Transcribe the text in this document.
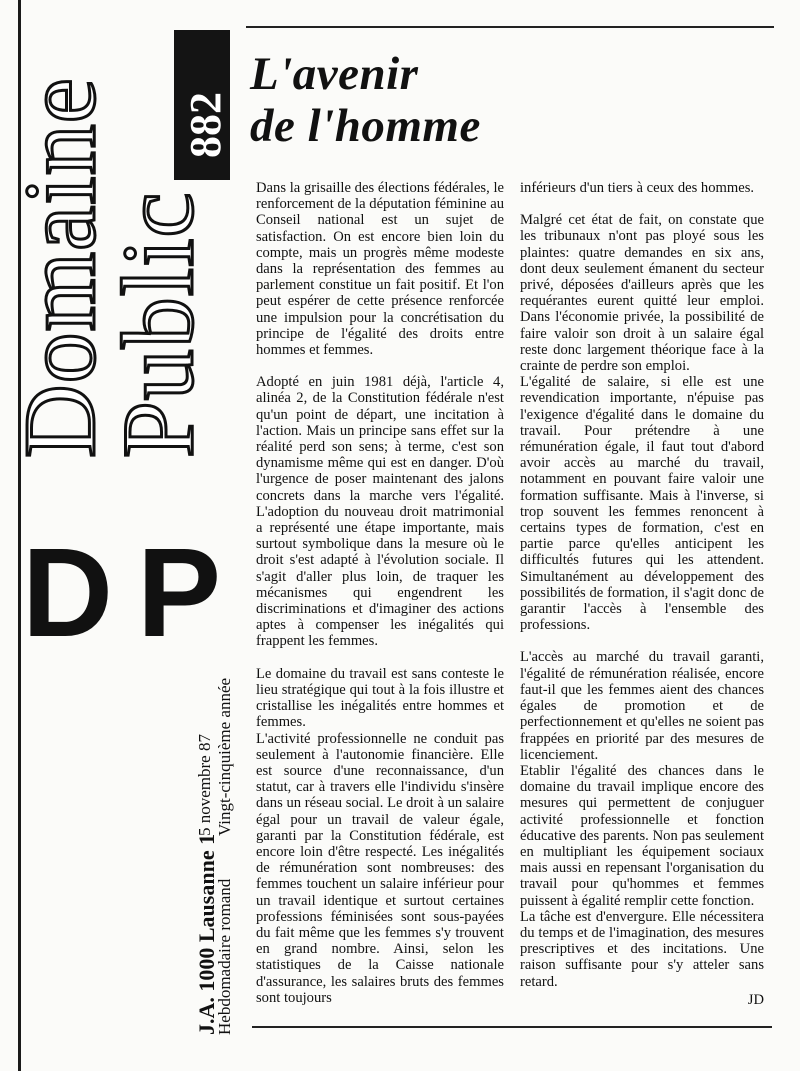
Domaine
Public
882
DP
J.A. 1000 Lausanne 1
Hebdomadaire romand
5 novembre 87 Vingt-cinquième année
L'avenir
de l'homme

Dans la grisaille des élections fédérales, le renforcement de la députation féminine au Conseil national est un sujet de satisfaction. On est encore bien loin du compte, mais un progrès même modeste dans la représentation des femmes au parlement constitue un fait positif. Et l'on peut espérer de cette présence renforcée une impulsion pour la concrétisation du principe de l'égalité des droits entre hommes et femmes.

Adopté en juin 1981 déjà, l'article 4, alinéa 2, de la Constitution fédérale n'est qu'un point de départ, une incitation à l'action. Mais un principe sans effet sur la réalité perd son sens; à terme, c'est son dynamisme même qui est en danger. D'où l'urgence de poser maintenant des jalons concrets dans la marche vers l'égalité. L'adoption du nouveau droit matrimonial a représenté une étape importante, mais surtout symbolique dans la mesure où le droit s'est adapté à l'évolution sociale. Il s'agit d'aller plus loin, de traquer les mécanismes qui engendrent les discriminations et d'imaginer des actions aptes à compenser les inégalités qui frappent les femmes.

Le domaine du travail est sans conteste le lieu stratégique qui tout à la fois illustre et cristallise les inégalités entre hommes et femmes.

L'activité professionnelle ne conduit pas seulement à l'autonomie financière. Elle est source d'une reconnaissance, d'un statut, car à travers elle l'individu s'insère dans un réseau social. Le droit à un salaire égal pour un travail de valeur égale, garanti par la Constitution fédérale, est encore loin d'être respecté. Les inégalités de rémunération sont nombreuses: des femmes touchent un salaire inférieur pour un travail identique et surtout certaines professions féminisées sont sous-payées du fait même que les femmes s'y trouvent en grand nombre. Ainsi, selon les statistiques de la Caisse nationale d'assurance, les salaires bruts des femmes sont toujours

inférieurs d'un tiers à ceux des hommes.

Malgré cet état de fait, on constate que les tribunaux n'ont pas ployé sous les plaintes: quatre demandes en six ans, dont deux seulement émanent du secteur privé, déposées d'ailleurs après que les requérantes eurent quitté leur emploi. Dans l'économie privée, la possibilité de faire valoir son droit à un salaire égal reste donc largement théorique face à la crainte de perdre son emploi.

L'égalité de salaire, si elle est une revendication importante, n'épuise pas l'exigence d'égalité dans le domaine du travail. Pour prétendre à une rémunération égale, il faut tout d'abord avoir accès au marché du travail, notamment en pouvant faire valoir une formation suffisante. Mais à l'inverse, si trop souvent les femmes renoncent à certains types de formation, c'est en partie parce qu'elles anticipent les difficultés futures qui les attendent. Simultanément au développement des possibilités de formation, il s'agit donc de garantir l'accès à l'ensemble des professions.

L'accès au marché du travail garanti, l'égalité de rémunération réalisée, encore faut-il que les femmes aient des chances égales de promotion et de perfectionnement et qu'elles ne soient pas frappées en priorité par des mesures de licenciement.

Etablir l'égalité des chances dans le domaine du travail implique encore des mesures qui permettent de conjuguer activité professionnelle et fonction éducative des parents. Non pas seulement en multipliant les équipement sociaux mais aussi en repensant l'organisation du travail pour qu'hommes et femmes puissent à égalité remplir cette fonction.

La tâche est d'envergure. Elle nécessitera du temps et de l'imagination, des mesures prescriptives et des incitations. Une raison suffisante pour s'y atteler sans retard.

JD
